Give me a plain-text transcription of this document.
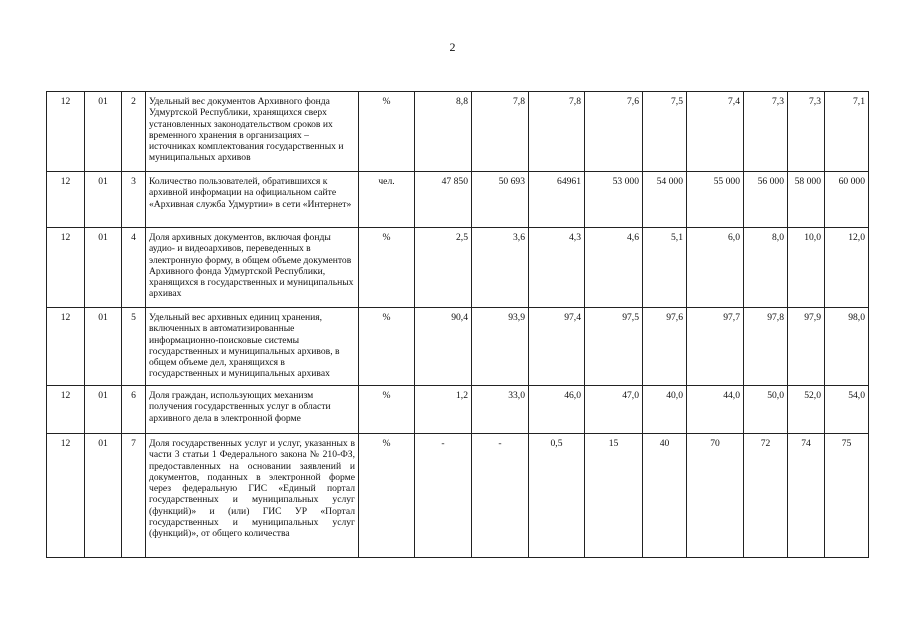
2
12	01	2	Удельный вес документов Архивного фонда Удмуртской Республики, хранящихся сверх установленных законодательством сроков их временного хранения в организациях – источниках комплектования государственных и муниципальных архивов	%	8,8	7,8	7,8	7,6	7,5	7,4	7,3	7,3	7,1
12	01	3	Количество пользователей, обратившихся к архивной информации на официальном сайте «Архивная служба Удмуртии» в сети «Интернет»	чел.	47 850	50 693	64961	53 000	54 000	55 000	56 000	58 000	60 000
12	01	4	Доля архивных документов, включая фонды аудио- и видеоархивов, переведенных в электронную форму, в общем объеме документов Архивного фонда Удмуртской Республики, хранящихся в государственных и муниципальных архивах	%	2,5	3,6	4,3	4,6	5,1	6,0	8,0	10,0	12,0
12	01	5	Удельный вес архивных единиц хранения, включенных в автоматизированные информационно-поисковые системы государственных и муниципальных архивов, в общем объеме дел, хранящихся в государственных и муниципальных архивах	%	90,4	93,9	97,4	97,5	97,6	97,7	97,8	97,9	98,0
12	01	6	Доля граждан, использующих механизм получения государственных услуг в области архивного дела в электронной форме	%	1,2	33,0	46,0	47,0	40,0	44,0	50,0	52,0	54,0
12	01	7	Доля государственных услуг и услуг, указанных в части 3 статьи 1 Федерального закона № 210-ФЗ, предоставленных на основании заявлений и документов, поданных в электронной форме через федеральную ГИС «Единый портал государственных и муниципальных услуг (функций)» и (или) ГИС УР «Портал государственных и муниципальных услуг (функций)», от общего количества	%	-	-	0,5	15	40	70	72	74	75
